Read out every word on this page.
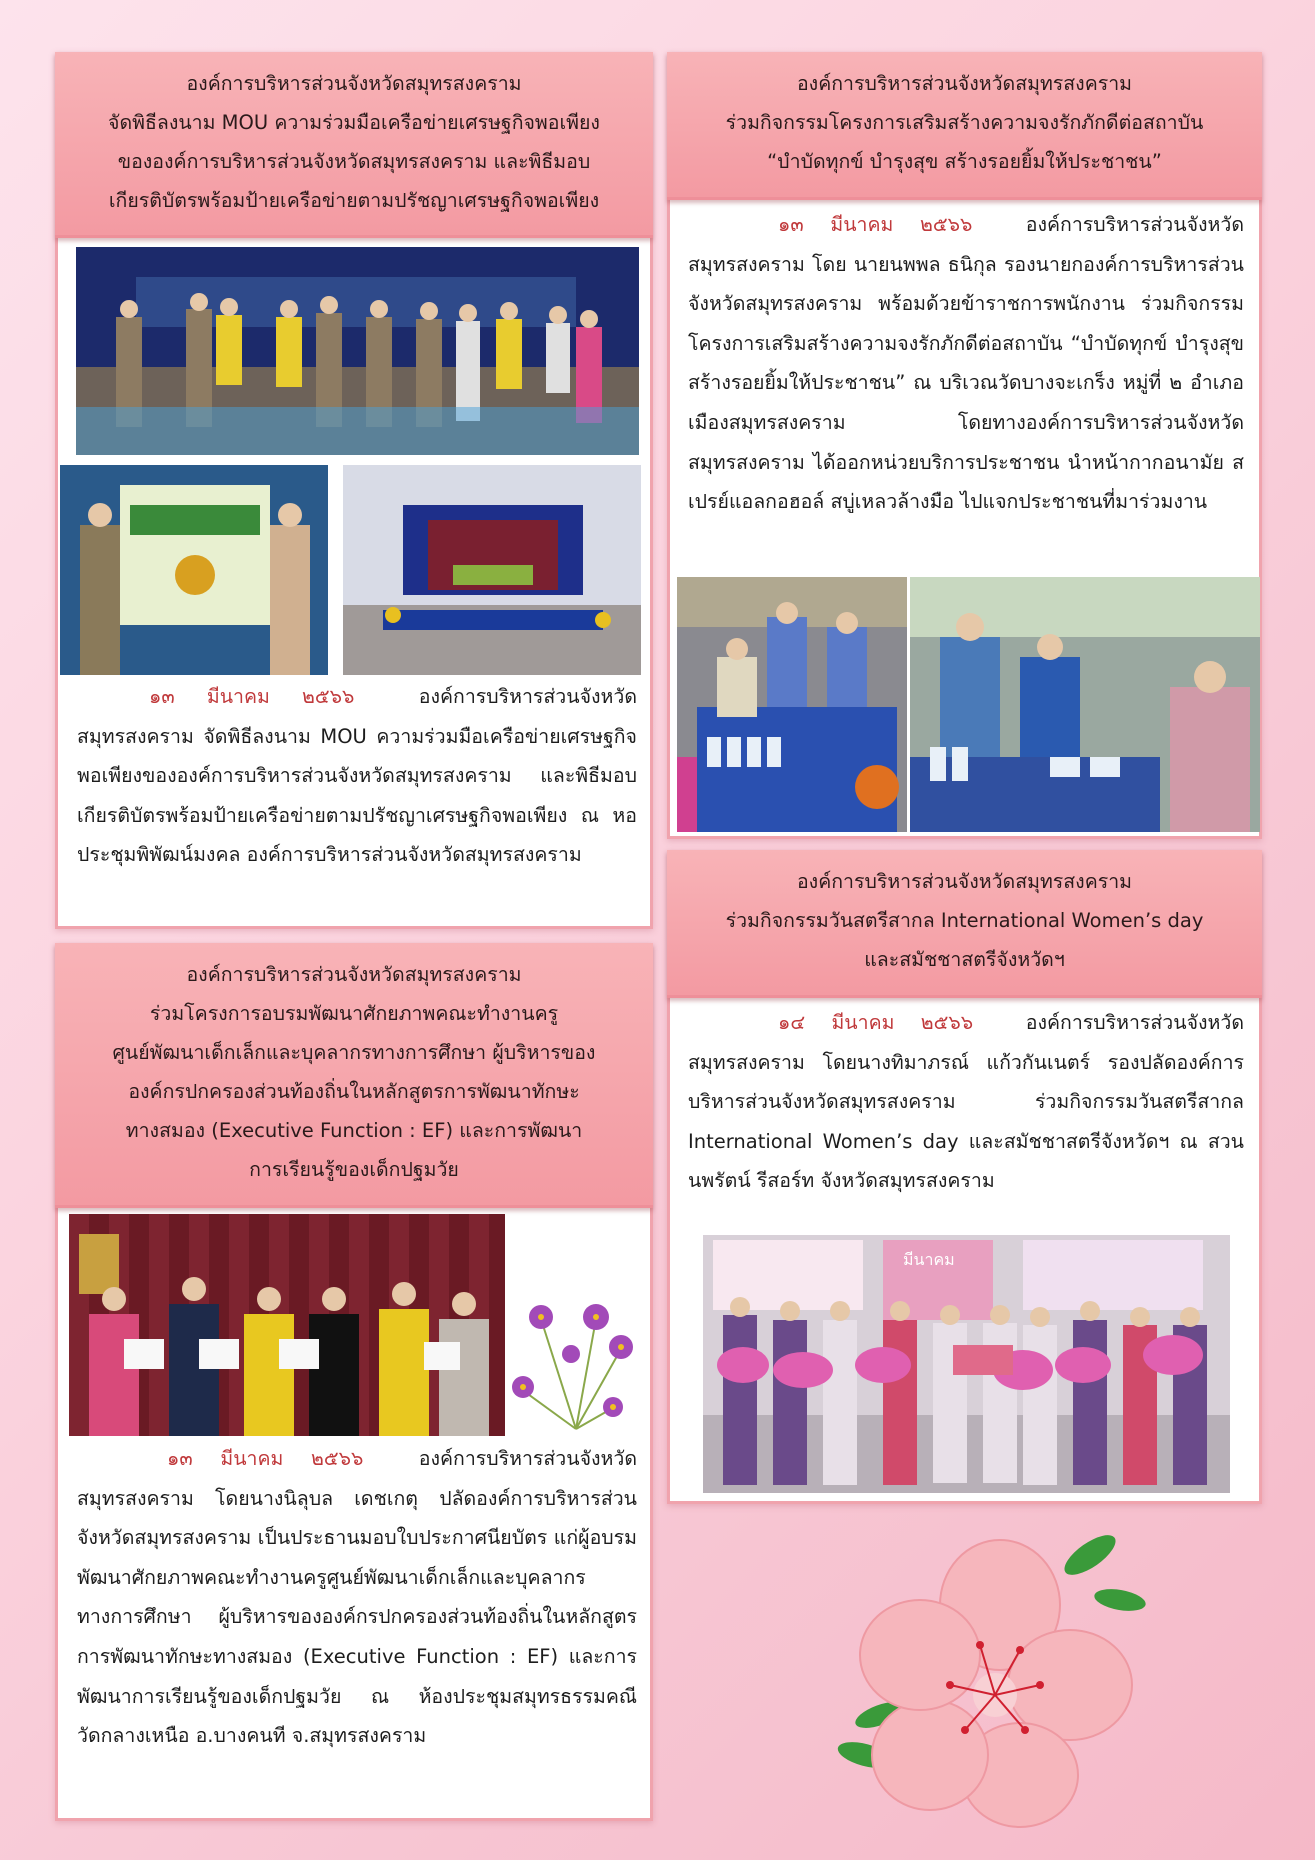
องค์การบริหารส่วนจังหวัดสมุทรสงคราม
จัดพิธีลงนาม MOU ความร่วมมือเครือข่ายเศรษฐกิจพอเพียง
ขององค์การบริหารส่วนจังหวัดสมุทรสงคราม และพิธีมอบ
เกียรติบัตรพร้อมป้ายเครือข่ายตามปรัชญาเศรษฐกิจพอเพียง
๑๓ มีนาคม ๒๕๖๖	องค์การบริหารส่วนจังหวัดสมุทรสงคราม จัดพิธีลงนาม MOU ความร่วมมือเครือข่ายเศรษฐกิจพอเพียงขององค์การบริหารส่วนจังหวัดสมุทรสงคราม และพิธีมอบเกียรติบัตรพร้อมป้ายเครือข่ายตามปรัชญาเศรษฐกิจพอเพียง ณ หอประชุมพิพัฒน์มงคล องค์การบริหารส่วนจังหวัดสมุทรสงคราม
องค์การบริหารส่วนจังหวัดสมุทรสงคราม
ร่วมกิจกรรมโครงการเสริมสร้างความจงรักภักดีต่อสถาบัน
“บำบัดทุกข์ บำรุงสุข สร้างรอยยิ้มให้ประชาชน”
๑๓ มีนาคม ๒๕๖๖	องค์การบริหารส่วนจังหวัดสมุทรสงคราม โดย นายนพพล ธนิกุล รองนายกองค์การบริหารส่วนจังหวัดสมุทรสงคราม พร้อมด้วยข้าราชการพนักงาน ร่วมกิจกรรมโครงการเสริมสร้างความจงรักภักดีต่อสถาบัน “บำบัดทุกข์ บำรุงสุข สร้างรอยยิ้มให้ประชาชน” ณ บริเวณวัดบางจะเกร็ง หมู่ที่ ๒ อำเภอเมืองสมุทรสงคราม โดยทางองค์การบริหารส่วนจังหวัดสมุทรสงคราม ได้ออกหน่วยบริการประชาชน นำหน้ากากอนามัย สเปรย์แอลกอฮอล์ สบู่เหลวล้างมือ ไปแจกประชาชนที่มาร่วมงาน
องค์การบริหารส่วนจังหวัดสมุทรสงคราม
ร่วมกิจกรรมวันสตรีสากล International Women’s day
และสมัชชาสตรีจังหวัดฯ
๑๔ มีนาคม ๒๕๖๖	องค์การบริหารส่วนจังหวัดสมุทรสงคราม โดยนางทิมาภรณ์ แก้วกันเนตร์ รองปลัดองค์การบริหารส่วนจังหวัดสมุทรสงคราม ร่วมกิจกรรมวันสตรีสากล International Women’s day และสมัชชาสตรีจังหวัดฯ ณ สวนนพรัตน์ รีสอร์ท จังหวัดสมุทรสงคราม
มีนาคม
องค์การบริหารส่วนจังหวัดสมุทรสงคราม
ร่วมโครงการอบรมพัฒนาศักยภาพคณะทำงานครู
ศูนย์พัฒนาเด็กเล็กและบุคลากรทางการศึกษา ผู้บริหารของ
องค์กรปกครองส่วนท้องถิ่นในหลักสูตรการพัฒนาทักษะ
ทางสมอง (Executive Function : EF) และการพัฒนา
การเรียนรู้ของเด็กปฐมวัย
๑๓ มีนาคม ๒๕๖๖	องค์การบริหารส่วนจังหวัดสมุทรสงคราม โดยนางนิลุบล เดชเกตุ ปลัดองค์การบริหารส่วนจังหวัดสมุทรสงคราม เป็นประธานมอบใบประกาศนียบัตร แก่ผู้อบรมพัฒนาศักยภาพคณะทำงานครูศูนย์พัฒนาเด็กเล็กและบุคลากรทางการศึกษา ผู้บริหารขององค์กรปกครองส่วนท้องถิ่นในหลักสูตรการพัฒนาทักษะทางสมอง (Executive Function : EF) และการพัฒนาการเรียนรู้ของเด็กปฐมวัย ณ ห้องประชุมสมุทรธรรมคณี วัดกลางเหนือ อ.บางคนที จ.สมุทรสงคราม
